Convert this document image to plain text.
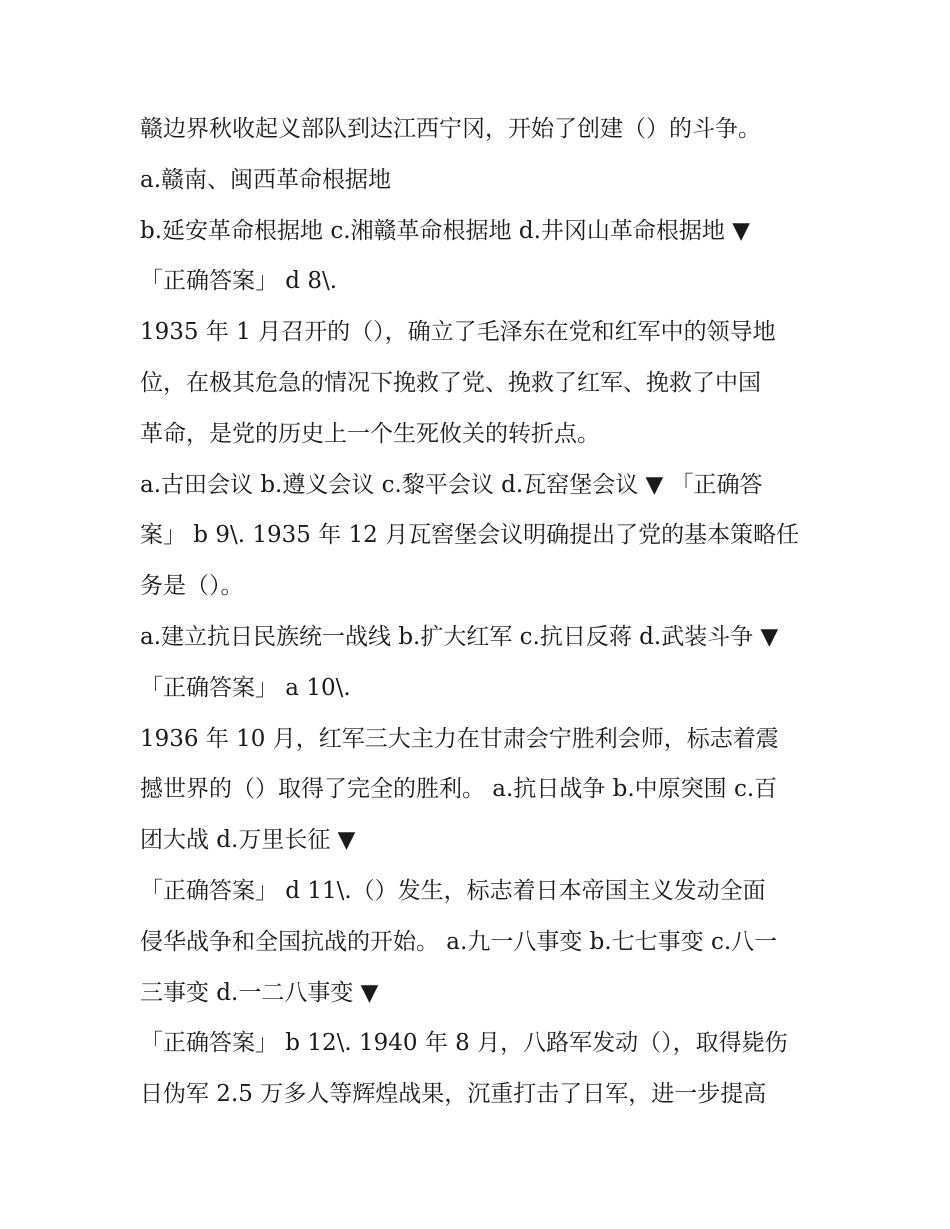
赣边界秋收起义部队到达江西宁冈，开始了创建（）的斗争。
a.赣南、闽西革命根据地
b.延安革命根据地 c.湘赣革命根据地 d.井冈山革命根据地 ▼
「正确答案」 d 8\.
1935 年 1 月召开的（），确立了毛泽东在党和红军中的领导地
位，在极其危急的情况下挽救了党、挽救了红军、挽救了中国
革命，是党的历史上一个生死攸关的转折点。
a.古田会议 b.遵义会议 c.黎平会议 d.瓦窑堡会议 ▼ 「正确答
案」 b 9\. 1935 年 12 月瓦窖堡会议明确提出了党的基本策略任
务是（）。
a.建立抗日民族统一战线 b.扩大红军 c.抗日反蒋 d.武装斗争 ▼
「正确答案」 a 10\.
1936 年 10 月，红军三大主力在甘肃会宁胜利会师，标志着震
撼世界的（）取得了完全的胜利。 a.抗日战争 b.中原突围 c.百
团大战 d.万里长征 ▼
「正确答案」 d 11\.（）发生，标志着日本帝国主义发动全面
侵华战争和全国抗战的开始。 a.九一八事变 b.七七事变 c.八一
三事变 d.一二八事变 ▼
「正确答案」 b 12\. 1940 年 8 月，八路军发动（），取得毙伤
日伪军 2.5 万多人等辉煌战果，沉重打击了日军，进一步提高
